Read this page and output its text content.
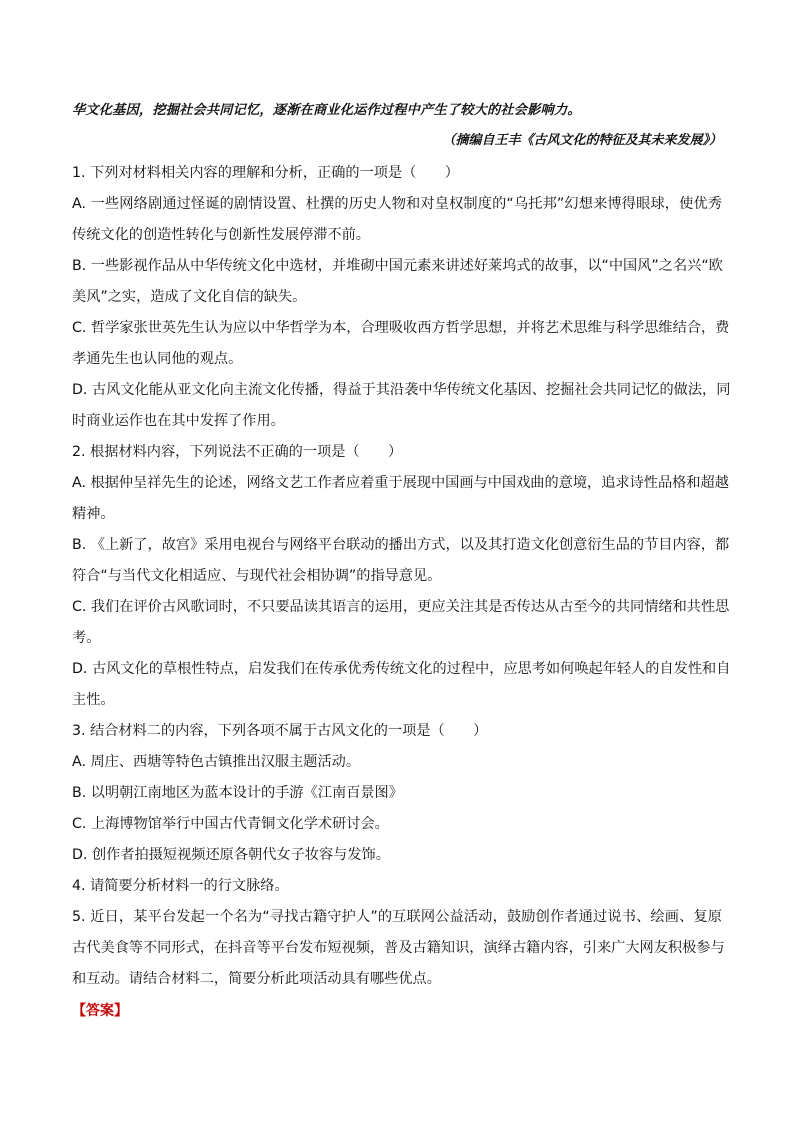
华文化基因，挖掘社会共同记忆，逐渐在商业化运作过程中产生了较大的社会影响力。

（摘编自王丰《古风文化的特征及其未来发展》）

1. 下列对材料相关内容的理解和分析，正确的一项是（　　）

A. 一些网络剧通过怪诞的剧情设置、杜撰的历史人物和对皇权制度的“乌托邦”幻想来博得眼球，使优秀

传统文化的创造性转化与创新性发展停滞不前。

B. 一些影视作品从中华传统文化中选材，并堆砌中国元素来讲述好莱坞式的故事，以“中国风”之名兴“欧

美风”之实，造成了文化自信的缺失。

C. 哲学家张世英先生认为应以中华哲学为本，合理吸收西方哲学思想，并将艺术思维与科学思维结合，费

孝通先生也认同他的观点。

D. 古风文化能从亚文化向主流文化传播，得益于其沿袭中华传统文化基因、挖掘社会共同记忆的做法，同

时商业运作也在其中发挥了作用。

2. 根据材料内容，下列说法不正确的一项是（　　）

A. 根据仲呈祥先生的论述，网络文艺工作者应着重于展现中国画与中国戏曲的意境，追求诗性品格和超越

精神。

B. 《上新了，故宫》采用电视台与网络平台联动的播出方式，以及其打造文化创意衍生品的节目内容，都

符合“与当代文化相适应、与现代社会相协调”的指导意见。

C. 我们在评价古风歌词时，不只要品读其语言的运用，更应关注其是否传达从古至今的共同情绪和共性思

考。

D. 古风文化的草根性特点，启发我们在传承优秀传统文化的过程中，应思考如何唤起年轻人的自发性和自

主性。

3. 结合材料二的内容，下列各项不属于古风文化的一项是（　　）

A. 周庄、西塘等特色古镇推出汉服主题活动。

B. 以明朝江南地区为蓝本设计的手游《江南百景图》

C. 上海博物馆举行中国古代青铜文化学术研讨会。

D. 创作者拍摄短视频还原各朝代女子妆容与发饰。

4. 请简要分析材料一的行文脉络。

5. 近日，某平台发起一个名为“寻找古籍守护人”的互联网公益活动，鼓励创作者通过说书、绘画、复原

古代美食等不同形式，在抖音等平台发布短视频，普及古籍知识，演绎古籍内容，引来广大网友积极参与

和互动。请结合材料二，简要分析此项活动具有哪些优点。

【答案】
